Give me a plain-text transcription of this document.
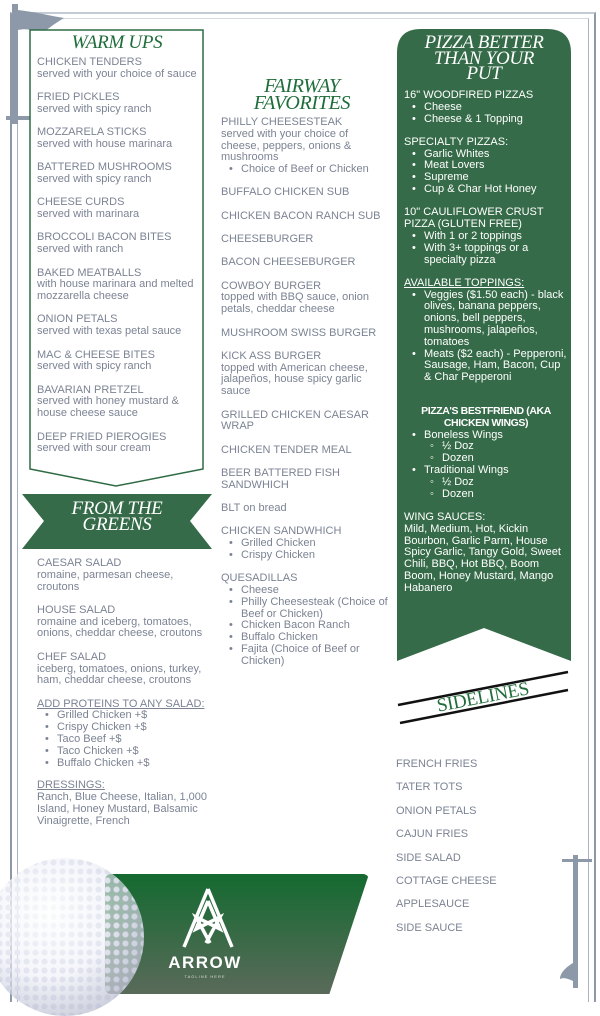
WARM UPS
CHICKEN TENDERS
served with your choice of sauce
FRIED PICKLES
served with spicy ranch
MOZZARELA STICKS
served with house marinara
BATTERED MUSHROOMS
served with spicy ranch
CHEESE CURDS
served with marinara
BROCCOLI BACON BITES
served with ranch
BAKED MEATBALLS
with house marinara and melted mozzarella cheese
ONION PETALS
served with texas petal sauce
MAC & CHEESE BITES
served with spicy ranch
BAVARIAN PRETZEL
served with honey mustard & house cheese sauce
DEEP FRIED PIEROGIES
served with sour cream
FROM THE
GREENS
CAESAR SALAD
romaine, parmesan cheese, croutons
HOUSE SALAD
romaine and iceberg, tomatoes, onions, cheddar cheese, croutons
CHEF SALAD
iceberg, tomatoes, onions, turkey, ham, cheddar cheese, croutons
ADD PROTEINS TO ANY SALAD:
• Grilled Chicken +$
• Crispy Chicken +$
• Taco Beef +$
• Taco Chicken +$
• Buffalo Chicken +$
DRESSINGS:
Ranch, Blue Cheese, Italian, 1,000 Island, Honey Mustard, Balsamic Vinaigrette, French
FAIRWAY
FAVORITES
PHILLY CHEESESTEAK
served with your choice of cheese, peppers, onions & mushrooms
• Choice of Beef or Chicken
BUFFALO CHICKEN SUB
CHICKEN BACON RANCH SUB
CHEESEBURGER
BACON CHEESEBURGER
COWBOY BURGER
topped with BBQ sauce, onion petals, cheddar cheese
MUSHROOM SWISS BURGER
KICK ASS BURGER
topped with American cheese, jalapeños, house spicy garlic sauce
GRILLED CHICKEN CAESAR WRAP
CHICKEN TENDER MEAL
BEER BATTERED FISH SANDWHICH
BLT on bread
CHICKEN SANDWHICH
• Grilled Chicken
• Crispy Chicken
QUESADILLAS
• Cheese
• Philly Cheesesteak (Choice of Beef or Chicken)
• Chicken Bacon Ranch
• Buffalo Chicken
• Fajita (Choice of Beef or Chicken)
PIZZA BETTER
THAN YOUR
PUT
16" WOODFIRED PIZZAS
• Cheese
• Cheese & 1 Topping
SPECIALTY PIZZAS:
• Garlic Whites
• Meat Lovers
• Supreme
• Cup & Char Hot Honey
10" CAULIFLOWER CRUST PIZZA (GLUTEN FREE)
• With 1 or 2 toppings
• With 3+ toppings or a specialty pizza
AVAILABLE TOPPINGS:
• Veggies ($1.50 each) - black olives, banana peppers, onions, bell peppers, mushrooms, jalapeños, tomatoes
• Meats ($2 each) - Pepperoni, Sausage, Ham, Bacon, Cup & Char Pepperoni
PIZZA'S BESTFRIEND (AKA CHICKEN WINGS)
• Boneless Wings
◦ ½ Doz
◦ Dozen
• Traditional Wings
◦ ½ Doz
◦ Dozen
WING SAUCES:
Mild, Medium, Hot, Kickin Bourbon, Garlic Parm, House Spicy Garlic, Tangy Gold, Sweet Chili, BBQ, Hot BBQ, Boom Boom, Honey Mustard, Mango Habanero
SIDELINES
FRENCH FRIES
TATER TOTS
ONION PETALS
CAJUN FRIES
SIDE SALAD
COTTAGE CHEESE
APPLESAUCE
SIDE SAUCE
ARROW
TAGLINE HERE
